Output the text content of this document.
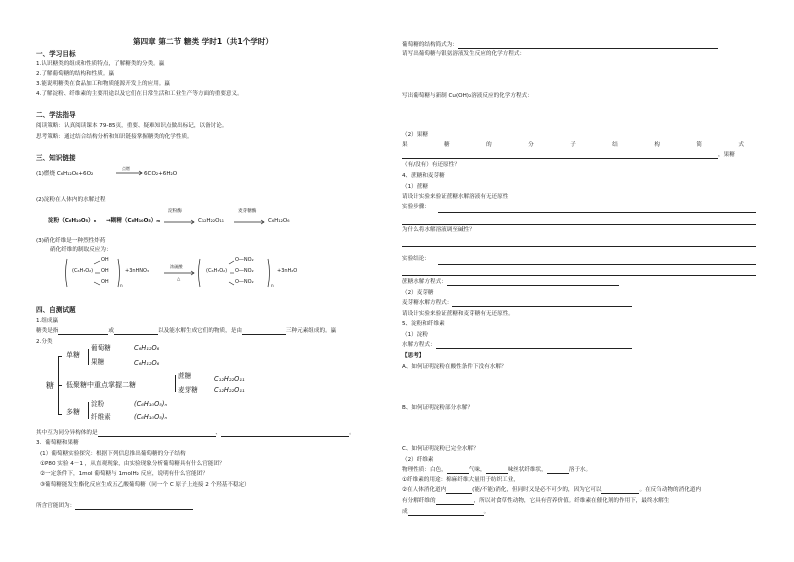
第四章 第二节 糖类 学时1（共1个学时）
一、学习目标
1.认识糖类的组成和性质特点，了解糖类的分类。蠃
2.了解葡萄糖的结构和性质。蠃
3.能说明糖类在食品加工和物质能源开发上的应用。蠃
4.了解淀粉、纤维素的主要用途以及它们在日常生活和工业生产等方面的重要意义。
二、学法指导
阅读策略：认真阅读课本 79-85页，重要、疑难知识点做出标记，以备讨论。
思考策略：通过结合结构分析和知识链接掌握糖类的化学性质。
三、知识链接
(1)燃烧 C₆H₁₂O₆+6O₂
点燃
6CO₂+6H₂O
(2)淀粉在人体内的水解过程
淀粉（C₆H₁₀O₅）ₙ →糊精（C₆H₁₀O₅）ₘ
淀粉酶
C₁₂H₂₂O₁₁
麦芽糖酶
C₆H₁₂O₆
(3)硝化纤维是一种烈性炸药
硝化纤维的制取反应为：
(C₆H₇O₂)
OH
OH
OH
n
+3nHNO₃
浓硫酸
△
(C₆H₇O₂)
O—NO₂
O—NO₂
O—NO₂
n
+3nH₂O
四、自测试题
1.组成蠃
糖类是指	或	以及能水解生成它们的物质，是由	三种元素组成的。蠃
2.分类
糖
单糖
葡萄糖
果糖
C₆H₁₂O₆
C₆H₁₂O₆
低聚糖中重点掌握二糖
蔗糖
麦芽糖
C₁₂H₂₂O₁₁
C₁₂H₂₂O₁₁
多糖
淀粉
纤维素
(C₆H₁₀O₅)ₙ
(C₆H₁₀O₅)ₙ
其中互为同分异构体的是	、	。
3．葡萄糖和果糖
(1）葡萄糖实验探究：根据下列信息推出葡萄糖的分子结构
①P80 实验 4－1 ，从直观现象，由实验现象分析葡萄糖具有什么官能团？
②一定条件下，1mol 葡萄糖与 1molH₂ 反应，说明有什么官能团？
③葡萄糖能发生酯化反应生成五乙酸葡萄糖（同一个 C 原子上连接 2 个羟基不稳定）
所含官能团为：
葡萄糖的结构简式为：
请写出葡萄糖与银氨溶液发生反应的化学方程式：
写出葡萄糖与新制 Cu(OH)₂溶液反应的化学方程式：
（2）果糖
果	糖	的	分	子	结	构	简	式
，果糖
（有/没有）有还原性？
4、蔗糖和麦芽糖
（1）蔗糖
请设计实验来验证蔗糖水解溶液有无还原性
实验步骤：
为什么将水解溶液调至碱性？
实验结论：
蔗糖水解方程式：
（2）麦芽糖
麦芽糖水解方程式：
请设计实验来验证蔗糖和麦芽糖有无还原性。
5、淀粉和纤维素
（1）淀粉
水解方程式：
【思考】
A、如何证明淀粉在酸性条件下没有水解？
B、如何证明淀粉部分水解？
C、如何证明淀粉已完全水解？
（2）纤维素
物理性质：白色，	气味，	味丝状纤维状，	溶于水。
①纤维素的用途：棉麻纤维大量用于纺织工业，
②在人体消化道内	(能/不能)消化，但同时又是必不可少的，因为它可以	。在反刍动物的消化道内
有分解纤维的	，所以对食草性动物，它具有营养价值。纤维素在催化剂的作用下，最终水解生
成	。
